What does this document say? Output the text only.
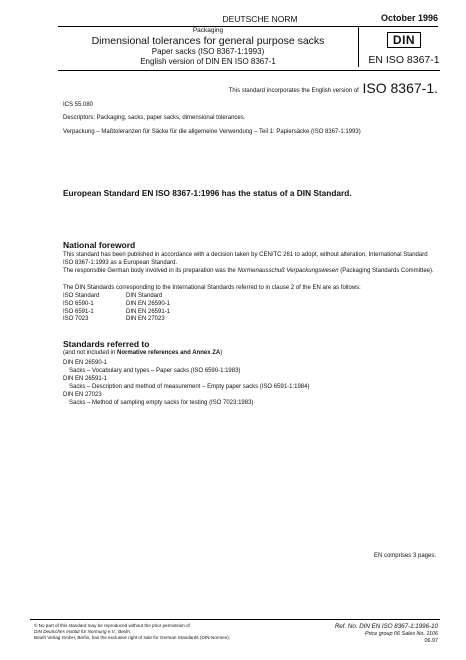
DEUTSCHE NORM	October 1996
Packaging
Dimensional tolerances for general purpose sacks
Paper sacks (ISO 8367-1:1993)
English version of DIN EN ISO 8367-1
DIN
EN ISO 8367-1
This standard incorporates the English version of ISO 8367-1.
ICS 55.080
Descriptors: Packaging, sacks, paper sacks, dimensional tolerances.
Verpackung – Maßtoleranzen für Säcke für die allgemeine Verwendung – Teil 1: Papiersäcke (ISO 8367-1:1993)
European Standard EN ISO 8367-1:1996 has the status of a DIN Standard.
National foreword
This standard has been published in accordance with a decision taken by CEN/TC 261 to adopt, without alteration, International Standard ISO 8367-1:1993 as a European Standard.
The responsible German body involved in its preparation was the Normenausschuß Verpackungswesen (Packaging Standards Committee).
The DIN Standards corresponding to the International Standards referred to in clause 2 of the EN are as follows:
ISO Standard	DIN Standard
ISO 6590-1	DIN EN 26590-1
ISO 6591-1	DIN EN 26591-1
ISO 7023	DIN EN 27023
Standards referred to
(and not included in Normative references and Annex ZA)
DIN EN 26590-1
Sacks – Vocabulary and types – Paper sacks (ISO 6590-1:1983)
DIN EN 26591-1
Sacks – Description and method of measurement – Empty paper sacks (ISO 6591-1:1984)
DIN EN 27023
Sacks – Method of sampling empty sacks for testing (ISO 7023:1983)
EN comprises 3 pages.
© No part of this standard may be reproduced without the prior permission of
DIN Deutsches Institut für Normung e.V., Berlin.
Beuth Verlag GmbH, Berlin, has the exclusive right of sale for German Standards (DIN-Normen).
Ref. No. DIN EN ISO 8367-1:1996-10
Price group 06 Sales No. 1106
06.97
